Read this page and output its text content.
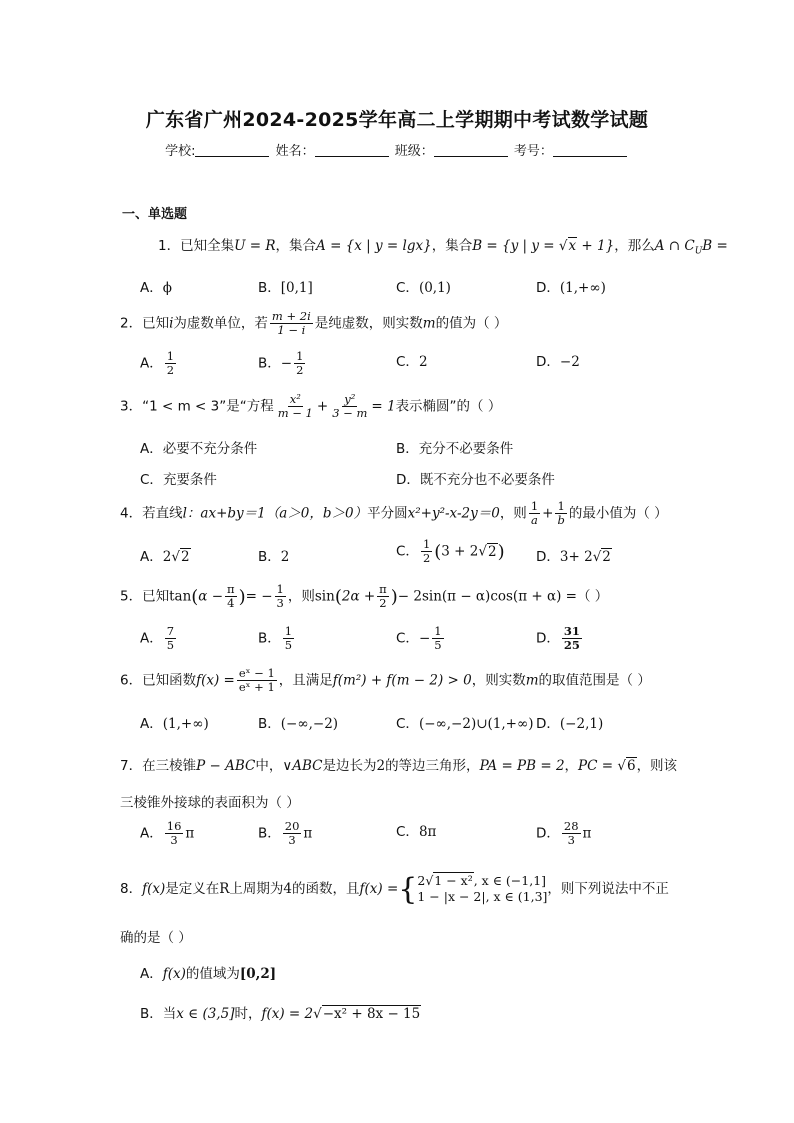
广东省广州2024-2025学年高二上学期期中考试数学试题
学校:	姓名：	班级：	考号：
一、单选题
1．已知全集U = R，集合A = {x | y = lgx}，集合B = {y | y = √x + 1}，那么A ∩ $C_UB$ =
A．ϕ	B．[0,1]	C．(0,1)	D．(1,+∞)
2．已知i为虚数单位，若 $\frac{m + 2i}{1 - i}$ 是纯虚数，则实数m的值为（ ）
A． $\frac{1}{2}$	B．− $\frac{1}{2}$	C．2	D．−2
3．“1 < m < 3”是“方程 $\frac{\text{x²}}{m - 1} + \frac{\text{y²}}{3 - m} = 1$表示椭圆”的（ ）
A．必要不充分条件	B．充分不必要条件
C．充要条件	D．既不充分也不必要条件
4．若直线l：ax+by＝1（a＞0，b＞0）平分圆x²+y²-x-2y＝0，则 $\frac{1}{a} + \frac{1}{b}$ 的最小值为（ ）
A．2√2	B．2	C． $\frac{1}{2} (3 + 2√2)$ D．3+ 2√2
5．已知$\tan(\alpha - \frac{\pi}{4}$ )= − $\frac{1}{3}$ ，则$\sin(2\alpha + \frac{\pi}{2}$ )− 2sin(π − α)cos(π + α) =（ ）
A． $\frac{7}{5}$	B． $\frac{1}{5}$	C．− $\frac{1}{5}$	D． $\frac{31}{25}$
6．已知函数$f(x) = \frac{\text{eˣ − 1}}{\text{eˣ + 1}}$ ，且满足f(m²) + f(m − 2) > 0，则实数m的取值范围是（ ）
A．(1,+∞)	B．(−∞,−2)	C．(−∞,−2)∪(1,+∞) D．(−2,1)
7．在三棱锥P − ABC中，∨ABC是边长为2的等边三角形，PA = PB = 2，PC = √6，则该
三棱锥外接球的表面积为（ ）
A． $\frac{16}{3}$ π	B． $\frac{20}{3}$ π	C．8π	D． $\frac{28}{3}$ π
8．f(x)是定义在R上周期为4的函数，且f(x) ={ 2√1 − x², x ∈ (−1,1]
1 − |x − 2|, x ∈ (1,3] ，则下列说法中不正
确的是（ ）
A．f(x)的值域为[0,2]
B．当x ∈ (3,5]时，f(x) = 2√−x² + 8x − 15
